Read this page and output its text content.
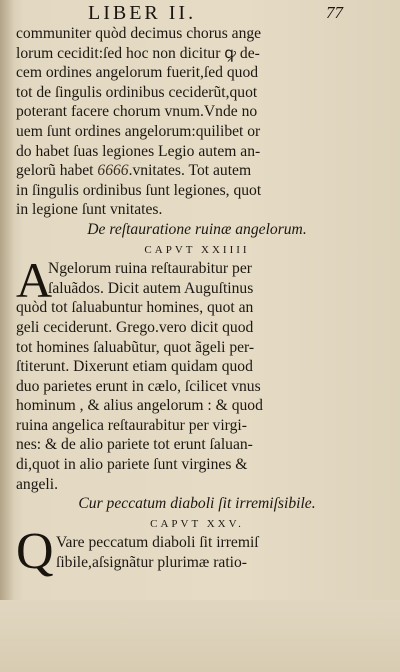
LIBER II.	77
communiter quòd decimus chorus ange
lorum cecidit:ſed hoc non dicitur ꝙ de-
cem ordines angelorum fuerit,ſed quod
tot de ſingulis ordinibus ceciderũt,quot
poterant facere chorum vnum.Vnde no
uem ſunt ordines angelorum:quilibet or
do habet ſuas legiones Legio autem an-
gelorũ habet 6666.vnitates. Tot autem
in ſingulis ordinibus ſunt legiones, quot
in legione ſunt vnitates.
De reſtauratione ruinæ angelorum.
CAPVT XXIIII
A
Ngelorum ruina reſtaurabitur per
ſaluãdos. Dicit autem Auguſtinus
quòd tot ſaluabuntur homines, quot an
geli ceciderunt. Grego.vero dicit quod
tot homines ſaluabũtur, quot ãgeli per-
ſtiterunt. Dixerunt etiam quidam quod
duo parietes erunt in cælo, ſcilicet vnus
hominum , & alius angelorum : & quod
ruina angelica reſtaurabitur per virgi-
nes: & de alio pariete tot erunt ſaluan-
di,quot in alio pariete ſunt virgines &
angeli.
Cur peccatum diaboli ſit irremiſsibile.
CAPVT XXV.
Q Vare peccatum diaboli ſit irremiſ
ſibile,aſsignãtur plurimæ ratio-
